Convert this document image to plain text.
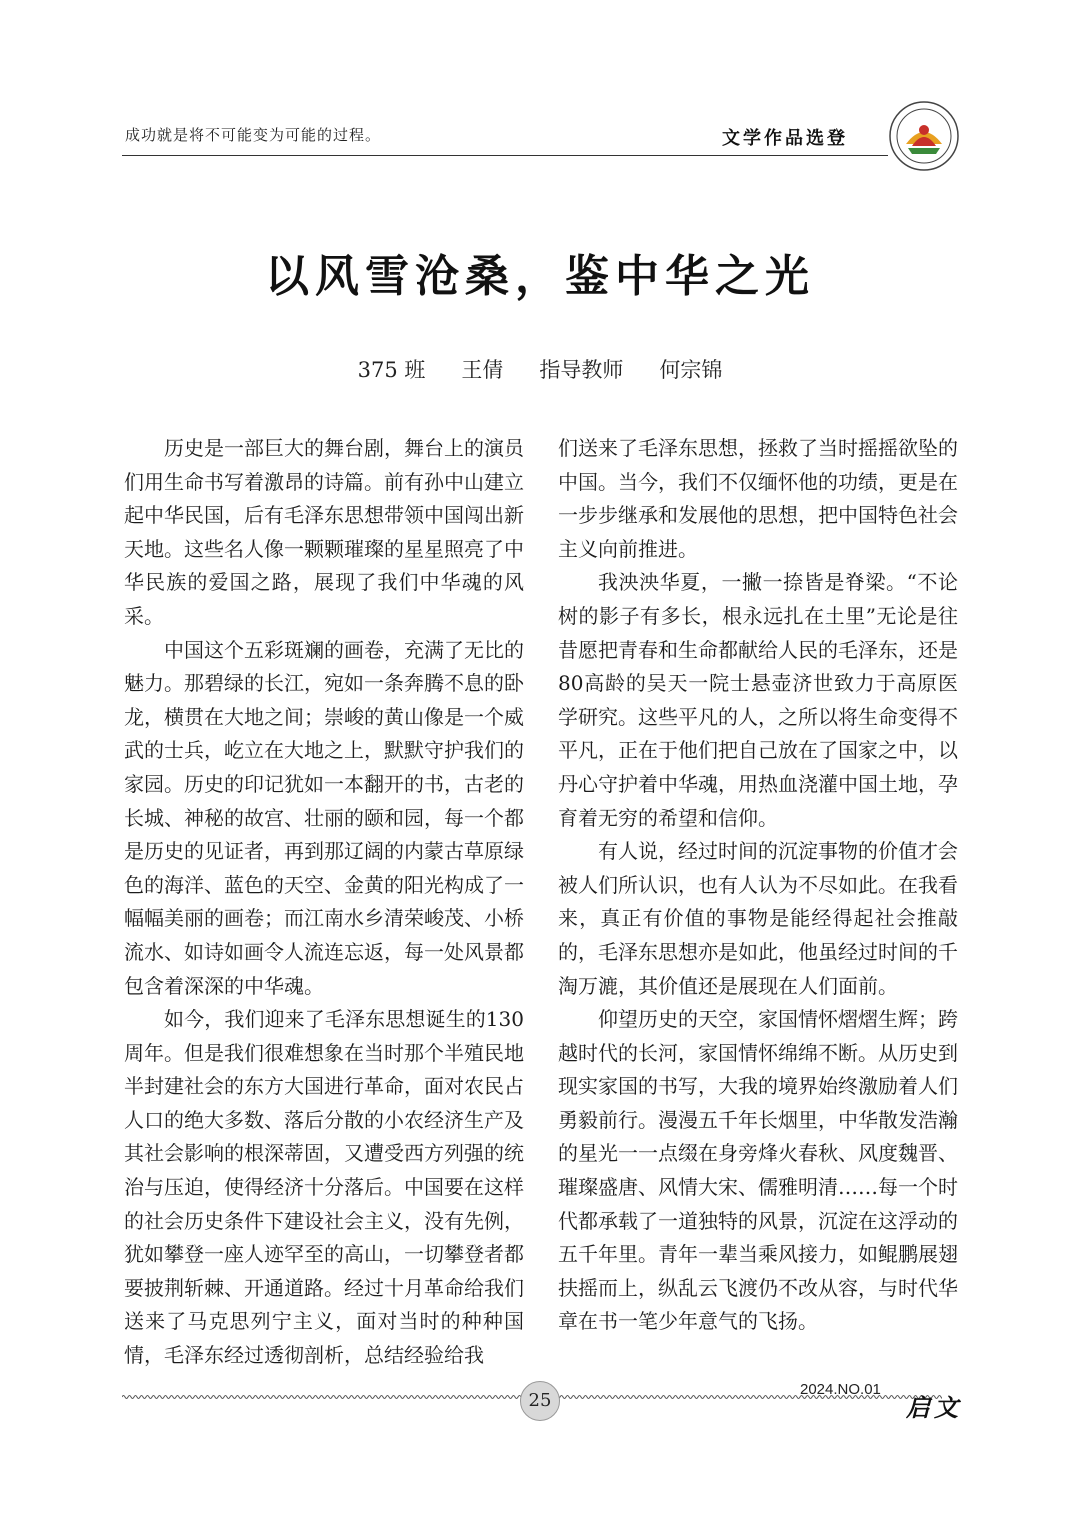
成功就是将不可能变为可能的过程。	文学作品选登
以风雪沧桑，鉴中华之光
375 班 王倩 指导教师 何宗锦

历史是一部巨大的舞台剧，舞台上的演员们用生命书写着激昂的诗篇。前有孙中山建立起中华民国，后有毛泽东思想带领中国闯出新天地。这些名人像一颗颗璀璨的星星照亮了中华民族的爱国之路，展现了我们中华魂的风采。

中国这个五彩斑斓的画卷，充满了无比的魅力。那碧绿的长江，宛如一条奔腾不息的卧龙，横贯在大地之间；崇峻的黄山像是一个威武的士兵，屹立在大地之上，默默守护我们的家园。历史的印记犹如一本翻开的书，古老的长城、神秘的故宫、壮丽的颐和园，每一个都是历史的见证者，再到那辽阔的内蒙古草原绿色的海洋、蓝色的天空、金黄的阳光构成了一幅幅美丽的画卷；而江南水乡清荣峻茂、小桥流水、如诗如画令人流连忘返，每一处风景都包含着深深的中华魂。

如今，我们迎来了毛泽东思想诞生的130周年。但是我们很难想象在当时那个半殖民地半封建社会的东方大国进行革命，面对农民占人口的绝大多数、落后分散的小农经济生产及其社会影响的根深蒂固，又遭受西方列强的统治与压迫，使得经济十分落后。中国要在这样的社会历史条件下建设社会主义，没有先例，犹如攀登一座人迹罕至的高山，一切攀登者都要披荆斩棘、开通道路。经过十月革命给我们送来了马克思列宁主义，面对当时的种种国情，毛泽东经过透彻剖析，总结经验给我

们送来了毛泽东思想，拯救了当时摇摇欲坠的中国。当今，我们不仅缅怀他的功绩，更是在一步步继承和发展他的思想，把中国特色社会主义向前推进。

我泱泱华夏，一撇一捺皆是脊梁。“不论树的影子有多长，根永远扎在土里”无论是往昔愿把青春和生命都献给人民的毛泽东，还是80高龄的吴天一院士悬壶济世致力于高原医学研究。这些平凡的人，之所以将生命变得不平凡，正在于他们把自己放在了国家之中，以丹心守护着中华魂，用热血浇灌中国土地，孕育着无穷的希望和信仰。

有人说，经过时间的沉淀事物的价值才会被人们所认识，也有人认为不尽如此。在我看来，真正有价值的事物是能经得起社会推敲的，毛泽东思想亦是如此，他虽经过时间的千淘万漉，其价值还是展现在人们面前。

仰望历史的天空，家国情怀熠熠生辉；跨越时代的长河，家国情怀绵绵不断。从历史到现实家国的书写，大我的境界始终激励着人们勇毅前行。漫漫五千年长烟里，中华散发浩瀚的星光一一点缀在身旁烽火春秋、风度魏晋、璀璨盛唐、风情大宋、儒雅明清……每一个时代都承载了一道独特的风景，沉淀在这浮动的五千年里。青年一辈当乘风接力，如鲲鹏展翅扶摇而上，纵乱云飞渡仍不改从容，与时代华章在书一笔少年意气的飞扬。

25
2024.NO.01
启文
